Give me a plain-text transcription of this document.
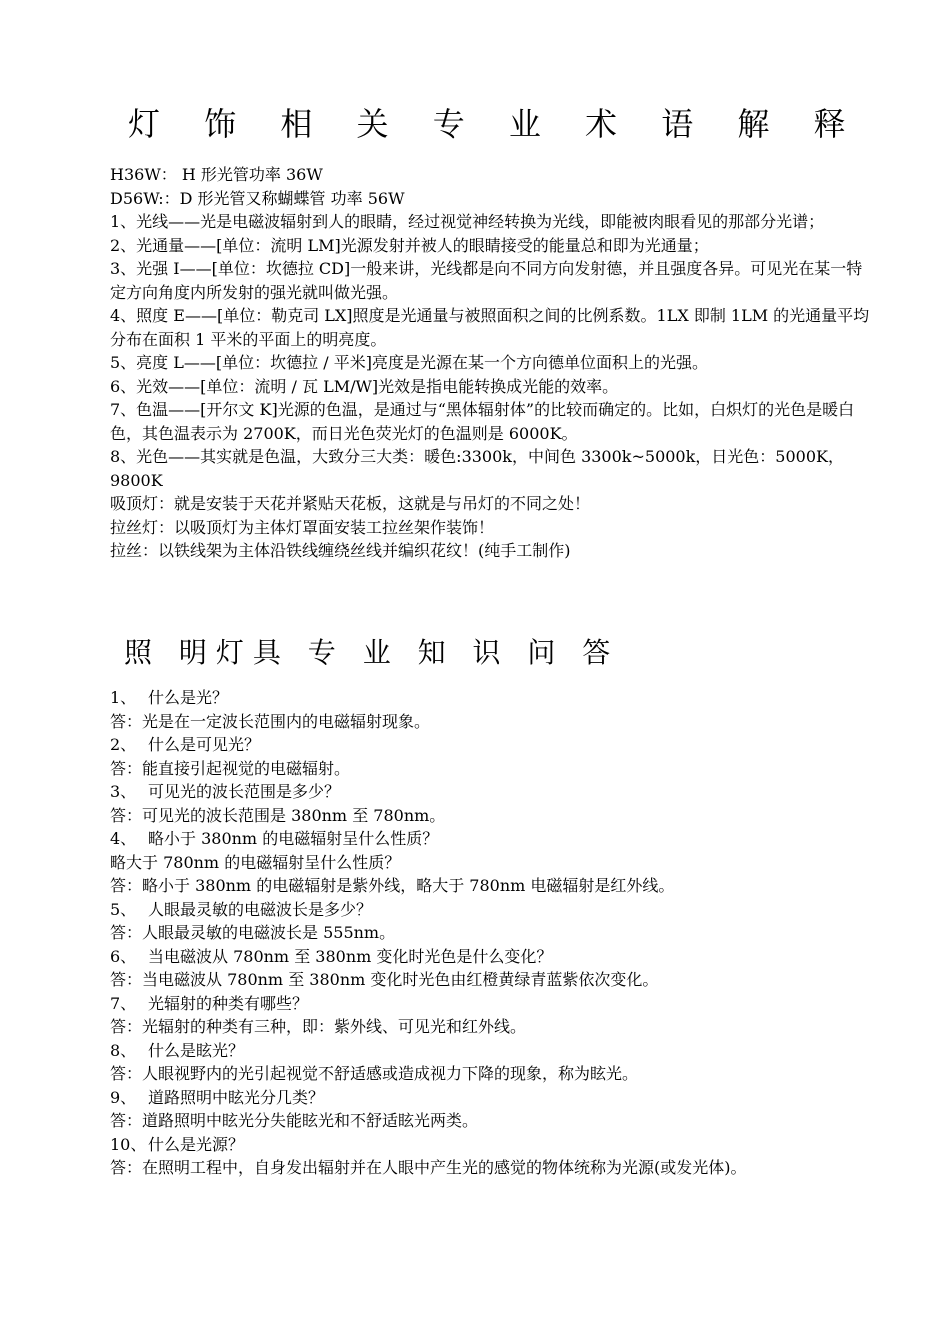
灯 饰 相 关 专 业 术 语 解 释
H36W： H 形光管功率 36W
D56W:：D 形光管又称蝴蝶管 功率 56W
1、光线——光是电磁波辐射到人的眼睛，经过视觉神经转换为光线，即能被肉眼看见的那部分光谱；
2、光通量——[单位：流明 LM]光源发射并被人的眼睛接受的能量总和即为光通量；
3、光强 I——[单位：坎德拉 CD]一般来讲，光线都是向不同方向发射德，并且强度各异。可见光在某一特定方向角度内所发射的强光就叫做光强。
4、照度 E——[单位：勒克司 LX]照度是光通量与被照面积之间的比例系数。1LX 即制 1LM 的光通量平均分布在面积 1 平米的平面上的明亮度。
5、亮度 L——[单位：坎德拉 / 平米]亮度是光源在某一个方向德单位面积上的光强。
6、光效——[单位：流明 / 瓦 LM/W]光效是指电能转换成光能的效率。
7、色温——[开尔文 K]光源的色温，是通过与“黑体辐射体”的比较而确定的。比如，白炽灯的光色是暖白色，其色温表示为 2700K，而日光色荧光灯的色温则是 6000K。
8、光色——其实就是色温，大致分三大类：暖色:3300k，中间色 3300k~5000k，日光色：5000K， 9800K
吸顶灯：就是安装于天花并紧贴天花板，这就是与吊灯的不同之处！
拉丝灯：以吸顶灯为主体灯罩面安装工拉丝架作装饰！
拉丝：以铁线架为主体沿铁线缠绕丝线并编织花纹！(纯手工制作)
照 明灯具 专 业 知 识 问 答
1、 什么是光？
答：光是在一定波长范围内的电磁辐射现象。
2、 什么是可见光？
答：能直接引起视觉的电磁辐射。
3、 可见光的波长范围是多少？
答：可见光的波长范围是 380nm 至 780nm。
4、 略小于 380nm 的电磁辐射呈什么性质？
略大于 780nm 的电磁辐射呈什么性质？
答：略小于 380nm 的电磁辐射是紫外线，略大于 780nm 电磁辐射是红外线。
5、 人眼最灵敏的电磁波长是多少？
答：人眼最灵敏的电磁波长是 555nm。
6、 当电磁波从 780nm 至 380nm 变化时光色是什么变化？
答：当电磁波从 780nm 至 380nm 变化时光色由红橙黄绿青蓝紫依次变化。
7、 光辐射的种类有哪些？
答：光辐射的种类有三种，即：紫外线、可见光和红外线。
8、 什么是眩光？
答：人眼视野内的光引起视觉不舒适感或造成视力下降的现象，称为眩光。
9、 道路照明中眩光分几类？
答：道路照明中眩光分失能眩光和不舒适眩光两类。
10、 什么是光源？
答：在照明工程中，自身发出辐射并在人眼中产生光的感觉的物体统称为光源(或发光体)。
